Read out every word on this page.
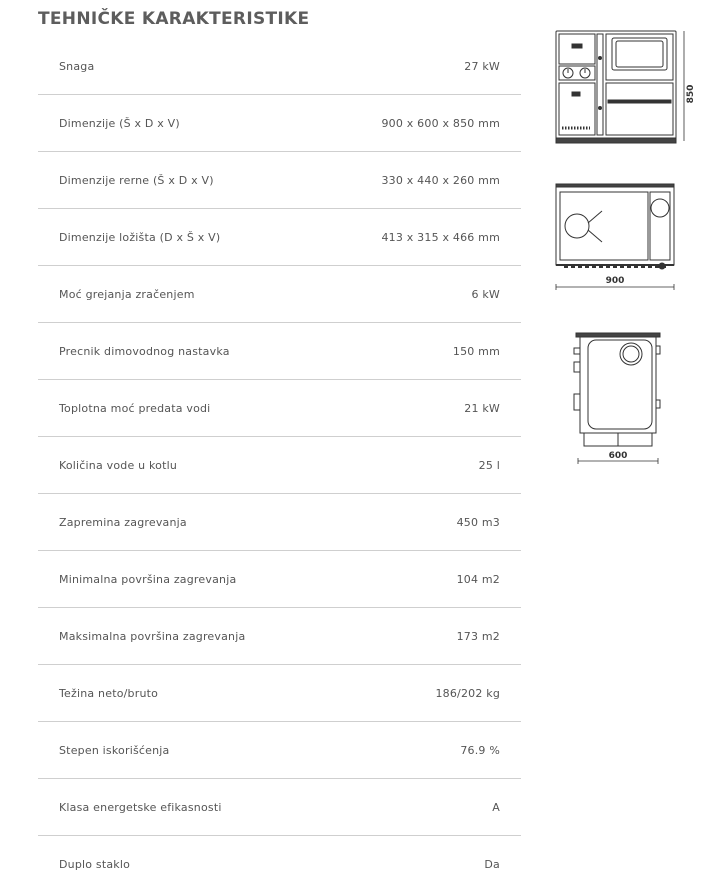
TEHNIČKE KARAKTERISTIKE
Snaga	27 kW
Dimenzije (Š x D x V)	900 x 600 x 850 mm
Dimenzije rerne (Š x D x V)	330 x 440 x 260 mm
Dimenzije ložišta (D x Š x V)	413 x 315 x 466 mm
Moć grejanja zračenjem	6 kW
Precnik dimovodnog nastavka	150 mm
Toplotna moć predata vodi	21 kW
Količina vode u kotlu	25 l
Zapremina zagrevanja	450 m3
Minimalna površina zagrevanja	104 m2
Maksimalna površina zagrevanja	173 m2
Težina neto/bruto	186/202 kg
Stepen iskorišćenja	76.9 %
Klasa energetske efikasnosti	A
Duplo staklo	Da
850
900
600
